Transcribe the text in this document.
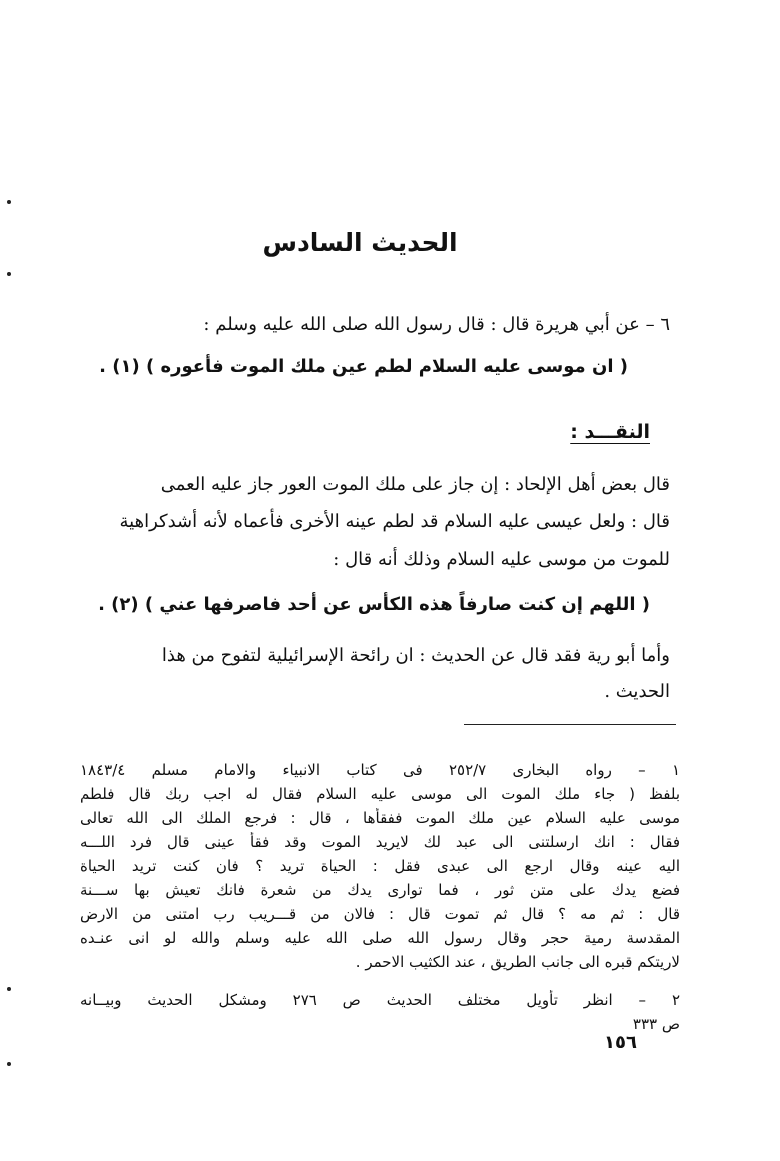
الحديث السادس
٦ – عن أبي هريرة قال : قال رسول الله صلى الله عليه وسلم :
( ان موسى عليه السلام لطم عين ملك الموت فأعوره ) (١) .
النقـــد :
قال بعض أهل الإلحاد : إن جاز على ملك الموت العور جاز عليه العمى
قال : ولعل عيسى عليه السلام قد لطم عينه الأخرى فأعماه لأنه أشدكراهية
للموت من موسى عليه السلام وذلك أنه قال :
( اللهم إن كنت صارفاً هذه الكأس عن أحد فاصرفها عني ) (٢) .
وأما أبو رية فقد قال عن الحديث : ان رائحة الإسرائيلية لتفوح من هذا
الحديث .
١ – رواه البخارى ٢٥٢/٧ فى كتاب الانبياء والامام مسلم ١٨٤٣/٤
بلفظ ( جاء ملك الموت الى موسى عليه السلام فقال له اجب ربك قال فلطم
موسى عليه السلام عين ملك الموت ففقأها ، قال : فرجع الملك الى الله تعالى
فقال : انك ارسلتنى الى عبد لك لايريد الموت وقد فقأ عينى قال فرد اللـــه
اليه عينه وقال ارجع الى عبدى فقل : الحياة تريد ؟ فان كنت تريد الحياة
فضع يدك على متن ثور ، فما توارى يدك من شعرة فانك تعيش بها ســـنة
قال : ثم مه ؟ قال ثم تموت قال : فالان من قـــريب رب امتنى من الارض
المقدسة رمية حجر وقال رسول الله صلى الله عليه وسلم والله لو انى عنـده
لاريتكم قبره الى جانب الطريق ، عند الكثيب الاحمر .
٢ – انظر تأويل مختلف الحديث ص ٢٧٦ ومشكل الحديث وبيــانه
ص ٣٣٣
١٥٦
